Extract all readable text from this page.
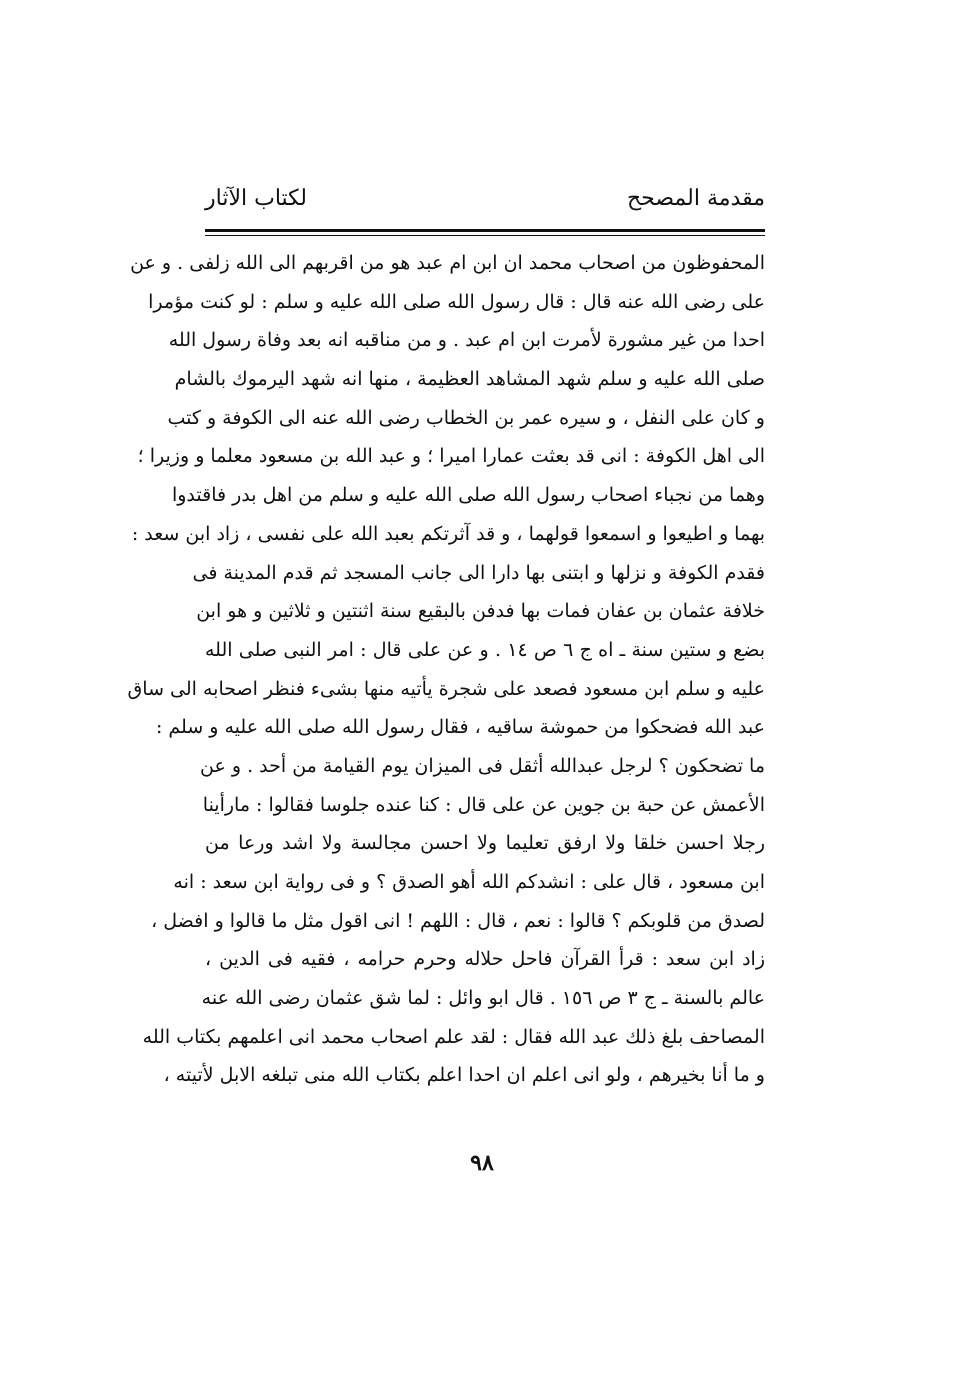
مقدمة المصحح
لكتاب الآثار
المحفوظون من اصحاب محمد ان ابن ام عبد هو من اقربهم الى الله زلفى . و عن
على رضى الله عنه قال : قال رسول الله صلى الله عليه و سلم : لو كنت مؤمرا
احدا من غير مشورة لأمرت ابن ام عبد . و من مناقبه انه بعد وفاة رسول الله
صلى الله عليه و سلم شهد المشاهد العظيمة ، منها انه شهد اليرموك بالشام
و كان على النفل ، و سيره عمر بن الخطاب رضى الله عنه الى الكوفة و كتب
الى اهل الكوفة : انى قد بعثت عمارا اميرا ؛ و عبد الله بن مسعود معلما و وزيرا ؛
وهما من نجباء اصحاب رسول الله صلى الله عليه و سلم من اهل بدر فاقتدوا
بهما و اطيعوا و اسمعوا قولهما ، و قد آثرتكم بعبد الله على نفسى ، زاد ابن سعد :
فقدم الكوفة و نزلها و ابتنى بها دارا الى جانب المسجد ثم قدم المدينة فى
خلافة عثمان بن عفان فمات بها فدفن بالبقيع سنة اثنتين و ثلاثين و هو ابن
بضع و ستين سنة ـ اه ج ٦ ص ١٤ . و عن على قال : امر النبى صلى الله
عليه و سلم ابن مسعود فصعد على شجرة يأتيه منها بشىء فنظر اصحابه الى ساق
عبد الله فضحكوا من حموشة ساقيه ، فقال رسول الله صلى الله عليه و سلم :
ما تضحكون ؟ لرجل عبدالله أثقل فى الميزان يوم القيامة من أحد . و عن
الأعمش عن حبة بن جوين عن على قال : كنا عنده جلوسا فقالوا : مارأينا
رجلا احسن خلقا ولا ارفق تعليما ولا احسن مجالسة ولا اشد ورعا من
ابن مسعود ، قال على : انشدكم الله أهو الصدق ؟ و فى رواية ابن سعد : انه
لصدق من قلوبكم ؟ قالوا : نعم ، قال : اللهم ! انى اقول مثل ما قالوا و افضل ،
زاد ابن سعد : قرأ القرآن فاحل حلاله وحرم حرامه ، فقيه فى الدين ،
عالم بالسنة ـ ج ٣ ص ١٥٦ . قال ابو وائل : لما شق عثمان رضى الله عنه
المصاحف بلغ ذلك عبد الله فقال : لقد علم اصحاب محمد انى اعلمهم بكتاب الله
و ما أنا بخيرهم ، ولو انى اعلم ان احدا اعلم بكتاب الله منى تبلغه الابل لأتيته ،
٩٨
